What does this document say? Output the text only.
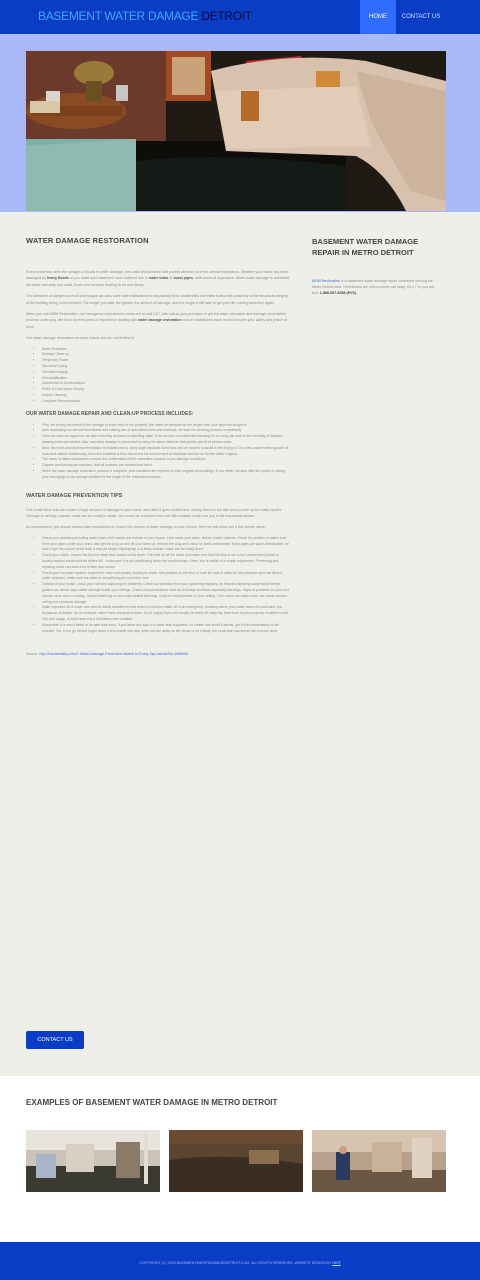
BASEMENT WATER DAMAGE DETROIT	HOME	CONTACT US
WATER DAMAGE RESTORATION

Every home has seen the ravages of floods in water damage, then calls should know that prompt attention is of the utmost importance. Whether your home has been damaged by heavy floods or you make sure basement have suffered due to water leaks or burst pipes, swift action is imperative. When water damage is untreated, the water can seep into walls, floors and furniture leading to rot and decay.

The formation of dangerous mold and fungus can also have side implications to structurally fresh unattended and there is also the possibility of the structural integrity of the building being compromised. The longer you wait, the greater the amount of damage, and the longer it will take to get your life running smoothly again.

When you call MDM Restoration, our emergency experienced crews are on call 24/7, with call-to-your-premises to get the water extraction and damage remediation process under way. We have several years of experience dealing with water damage restoration and an established track record ensures your safety and peace of mind.

Our water damage restoration services include but are not limited to:

• Water Extraction
• Sewage Clean-up
• Temporary Power
• Structural Drying
• Thermal Imaging
• Dehumidification
• Disinfection & Deodorization
• HVAC & Duct Space Drying
• Carpet Cleaning
• Complete Reconstruction
OUR WATER DAMAGE REPAIR AND CLEAN-UP PROCESS INCLUDES:
• First, we survey the extent of the damage to know both of the property. We make an estimate for the project with your approval sought to
• work depending our service technicians and making use of specialized tools and methods, we start the cleaning process immediately.
• Once we have our approval, we start removing all traces of standing water. Even an inch of unattended standing for too long can lead to the breeding of bacteria causing irrelevant mildew. Also, any deep damage is prevented by using the latest methods that quickly get rid of excess water.
• Next, the mold and bacteria remediation is established by using large industrial-sized fans and air movers to assist in the drying of. Our crew cause further growth of mold and mildew. Additionally, fresh anti-bacterial is then mixed into the environment to eradicate and the air for the visible regions.
• The home is rather monitored to ensure the confirmation of the restoration process to pre-damage conditions.
• Carpets and flooring are replaced, and all surfaces are cleaned and dried.
• When the water damage restoration process is complete, your valuables are returned to their original surroundings. If you prefer, we also offer the option of storing your belongings in our storage facilities for the length of the restoration process.
WATER DAMAGE PREVENTION TIPS

One small burst leak can create a huge amount of damage to your home, and often it goes undetected, and by then it is too late and you are up for costly repairs. Damage to ceilings, carpets, walls can be costly to repair. You would be surprised how one little mistake could cost you in the thousands dollars.

As homeowners, you should always take precautions to reduce the chance of water damage to your homes. Here we will show you a few simple steps:

• Check your plumbing including water pipes, both inside and outside of your house. Look under your sinks, dishes, inside cabinets. Check for puddles or stains from them your pipes under your sinks, also get the plug on and lift your sinks up, remove the plug and check for leaks underneath. If any pipes are water-deteriorated, be sure to get the source of the leak. It may be simple slipping tap or a leaky washer, which can be easily fixed.
• Check your toilets. Inspect the flow for water that should not be there. Then the lid off the tanks and make sure that the float is set to the correct level (which is usually marked inside with the letters WL - make sure it is not overflowing down the overflow pipe. Often, this is matter of a simple adjustment. Preventing and repairing leaks can save a lot of time and money.
• Check your hot water system. Inspect the valve and closely, looking for leaks, see puddles on the floor or note the lack of water for low pressure open we likely it under cylinders, make sure the water is not suffering act out of the vent.
• Outside of your house, check your roof and capturing for problems. Check our windows from your upcoming regularly, as blocked capturing cause fairly intense gutters can cause major water damage inside your ceilings. Check roof penetrations such as chimneys and flues especially flashings. Signs of problems on your roof include loose cells or curling, cracked flashings or even pipe sealed flashings, rusty the hall potholes on your ceiling. Your house are under ones, can cause serious ceiling and structural damage.
• Make important all of water over and be easily transferred near where to shut the water off in an emergency. Knowing where your water home off could save you thousands of dollars. As an example, rather have anticipated water. Good supply if you will usually be found off under tap have front of your property, installed on the City side usage, or both have it at a full battery tree installed.
• Remember, it is much better to be safe than sorry. If you leave any sign of a water leak anywhere, no matter how small it seems, get it fixed immediately or tell yourself. Yes, if you go off and forget about it and maybe one day, while you are away on the shops or on holiday, the small leak has turned into a major flood.

Source: http://homeartistry.com/7-Water-Damage-Prevention-Notice-In-Every-Tap-tutorial?id=1888080

CONTACT US
BASEMENT WATER DAMAGE REPAIR IN METRO DETROIT

MDM Restoration is a basement water damage repair contractor serving the Metro Detroit area. Technicians are only a phone call away, 24 x 7 or you can text. 1-888-997-6658 (EVS)

EXAMPLES OF BASEMENT WATER DAMAGE IN METRO DETROIT

COPYRIGHT (C) 2015 BASEMENTWATERDAMAGEDETROIT.COM, ALL RIGHTS RESERVED. WEBSITE DESIGN BY OKIT
